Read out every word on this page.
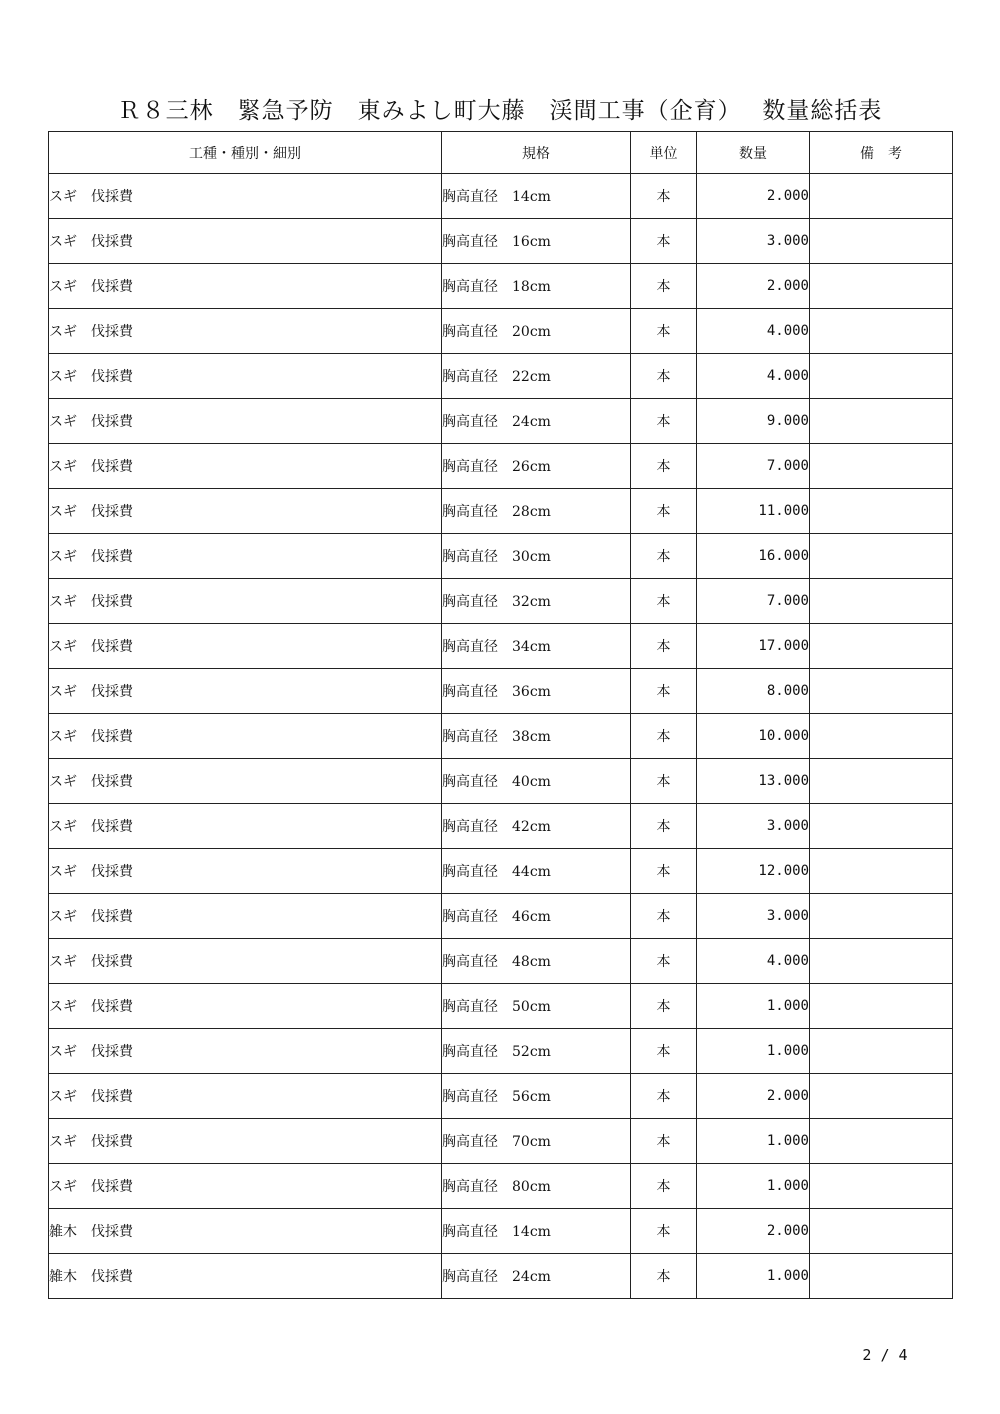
Ｒ８三林　緊急予防　東みよし町大藤　渓間工事（企育）　 数量総括表
工種・種別・細別	規格	単位	数量	備　考
スギ　伐採費	胸高直径　14cm	本	2.000	
スギ　伐採費	胸高直径　16cm	本	3.000	
スギ　伐採費	胸高直径　18cm	本	2.000	
スギ　伐採費	胸高直径　20cm	本	4.000	
スギ　伐採費	胸高直径　22cm	本	4.000	
スギ　伐採費	胸高直径　24cm	本	9.000	
スギ　伐採費	胸高直径　26cm	本	7.000	
スギ　伐採費	胸高直径　28cm	本	11.000	
スギ　伐採費	胸高直径　30cm	本	16.000	
スギ　伐採費	胸高直径　32cm	本	7.000	
スギ　伐採費	胸高直径　34cm	本	17.000	
スギ　伐採費	胸高直径　36cm	本	8.000	
スギ　伐採費	胸高直径　38cm	本	10.000	
スギ　伐採費	胸高直径　40cm	本	13.000	
スギ　伐採費	胸高直径　42cm	本	3.000	
スギ　伐採費	胸高直径　44cm	本	12.000	
スギ　伐採費	胸高直径　46cm	本	3.000	
スギ　伐採費	胸高直径　48cm	本	4.000	
スギ　伐採費	胸高直径　50cm	本	1.000	
スギ　伐採費	胸高直径　52cm	本	1.000	
スギ　伐採費	胸高直径　56cm	本	2.000	
スギ　伐採費	胸高直径　70cm	本	1.000	
スギ　伐採費	胸高直径　80cm	本	1.000	
雑木　伐採費	胸高直径　14cm	本	2.000	
雑木　伐採費	胸高直径　24cm	本	1.000	
2 / 4
